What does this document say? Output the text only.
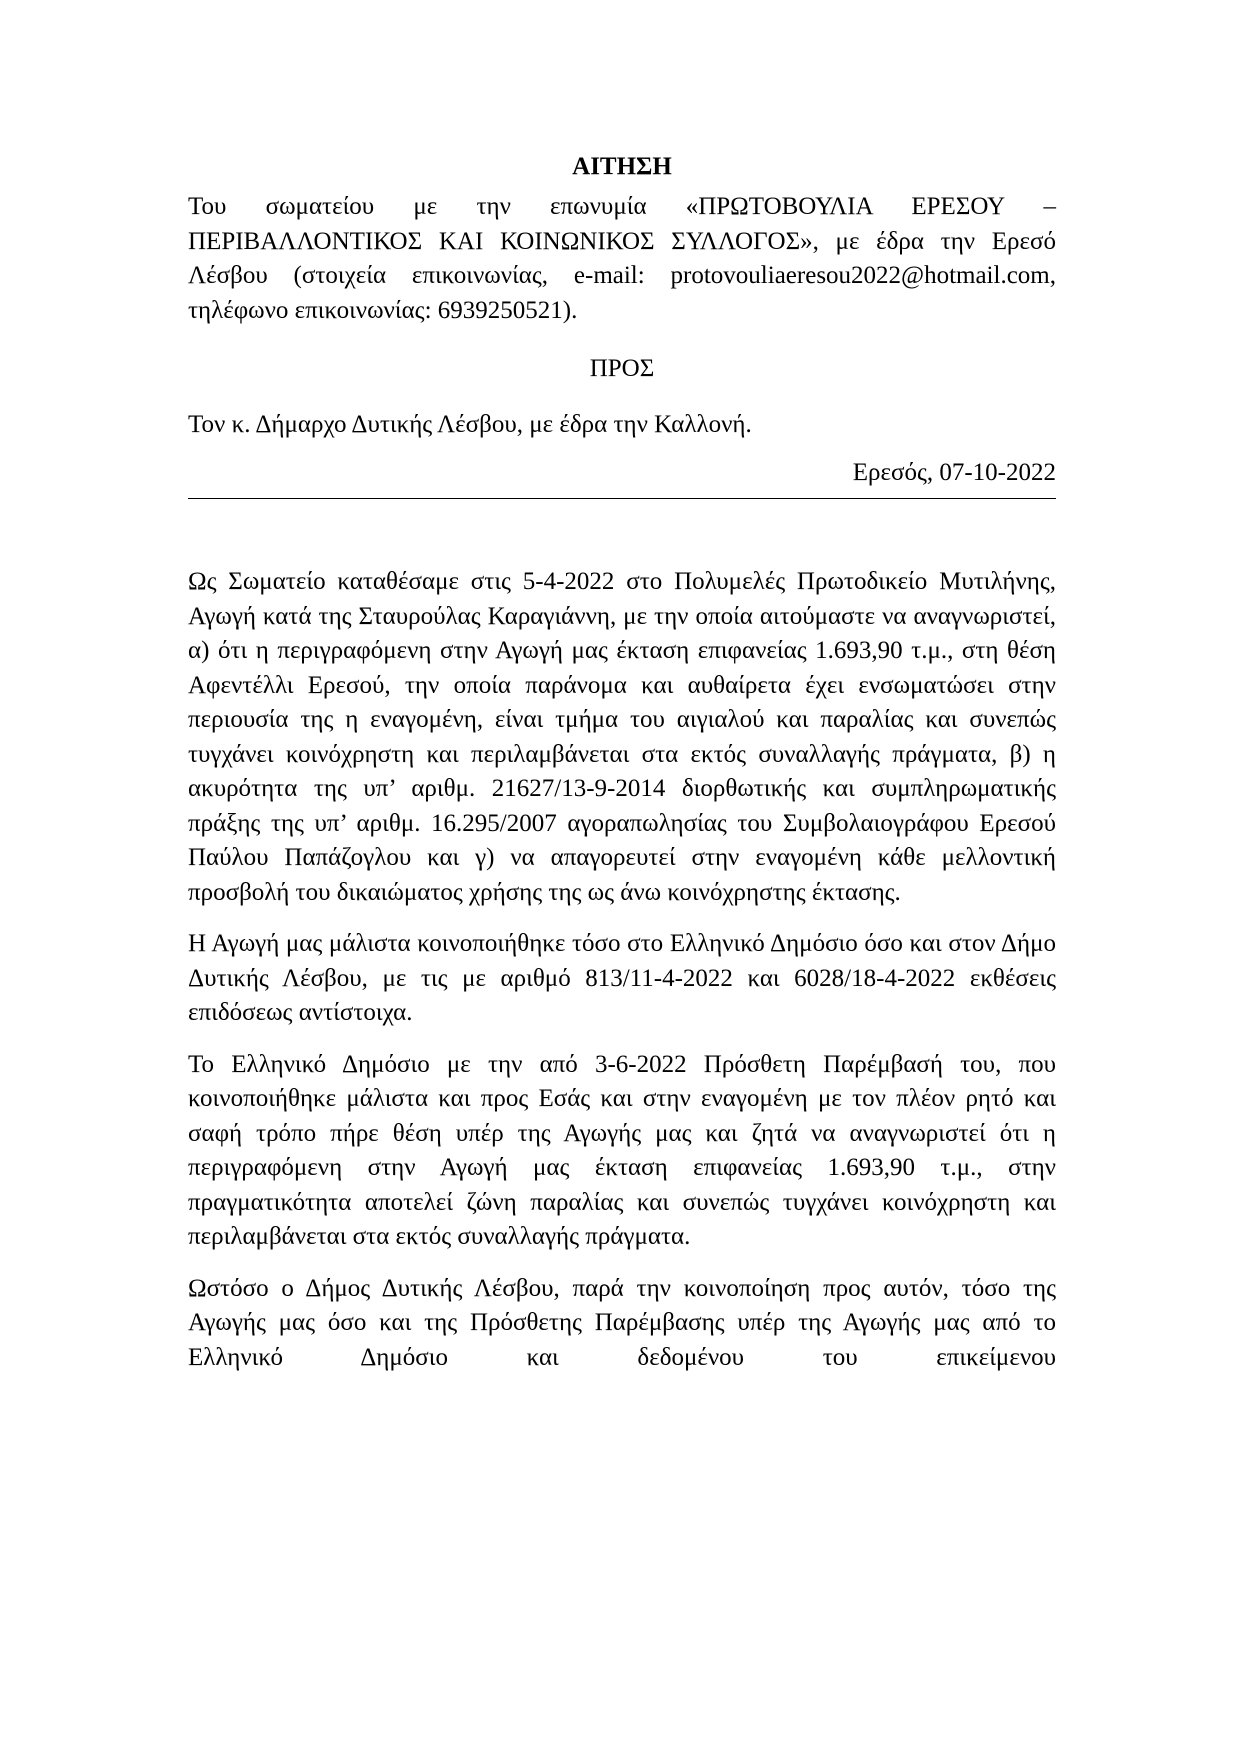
ΑΙΤΗΣΗ

Του σωματείου με την επωνυμία «ΠΡΩΤΟΒΟΥΛΙΑ ΕΡΕΣΟΥ – ΠΕΡΙΒΑΛΛΟΝΤΙΚΟΣ ΚΑΙ ΚΟΙΝΩΝΙΚΟΣ ΣΥΛΛΟΓΟΣ», με έδρα την Ερεσό Λέσβου (στοιχεία επικοινωνίας, e-mail: protovouliaeresou2022@hotmail.com, τηλέφωνο επικοινωνίας: 6939250521).

ΠΡΟΣ
Τον κ. Δήμαρχο Δυτικής Λέσβου, με έδρα την Καλλονή.
Ερεσός, 07-10-2022

Ως Σωματείο καταθέσαμε στις 5-4-2022 στο Πολυμελές Πρωτοδικείο Μυτιλήνης, Αγωγή κατά της Σταυρούλας Καραγιάννη, με την οποία αιτούμαστε να αναγνωριστεί, α) ότι η περιγραφόμενη στην Αγωγή μας έκταση επιφανείας 1.693,90 τ.μ., στη θέση Αφεντέλλι Ερεσού, την οποία παράνομα και αυθαίρετα έχει ενσωματώσει στην περιουσία της η εναγομένη, είναι τμήμα του αιγιαλού και παραλίας και συνεπώς τυγχάνει κοινόχρηστη και περιλαμβάνεται στα εκτός συναλλαγής πράγματα, β) η ακυρότητα της υπ’ αριθμ. 21627/13-9-2014 διορθωτικής και συμπληρωματικής πράξης της υπ’ αριθμ. 16.295/2007 αγοραπωλησίας του Συμβολαιογράφου Ερεσού Παύλου Παπάζογλου και γ) να απαγορευτεί στην εναγομένη κάθε μελλοντική προσβολή του δικαιώματος χρήσης της ως άνω κοινόχρηστης έκτασης.

Η Αγωγή μας μάλιστα κοινοποιήθηκε τόσο στο Ελληνικό Δημόσιο όσο και στον Δήμο Δυτικής Λέσβου, με τις με αριθμό 813/11-4-2022 και 6028/18-4-2022 εκθέσεις επιδόσεως αντίστοιχα.

Το Ελληνικό Δημόσιο με την από 3-6-2022 Πρόσθετη Παρέμβασή του, που κοινοποιήθηκε μάλιστα και προς Εσάς και στην εναγομένη με τον πλέον ρητό και σαφή τρόπο πήρε θέση υπέρ της Αγωγής μας και ζητά να αναγνωριστεί ότι η περιγραφόμενη στην Αγωγή μας έκταση επιφανείας 1.693,90 τ.μ., στην πραγματικότητα αποτελεί ζώνη παραλίας και συνεπώς τυγχάνει κοινόχρηστη και περιλαμβάνεται στα εκτός συναλλαγής πράγματα.

Ωστόσο ο Δήμος Δυτικής Λέσβου, παρά την κοινοποίηση προς αυτόν, τόσο της Αγωγής μας όσο και της Πρόσθετης Παρέμβασης υπέρ της Αγωγής μας από το Ελληνικό Δημόσιο και δεδομένου του επικείμενου
